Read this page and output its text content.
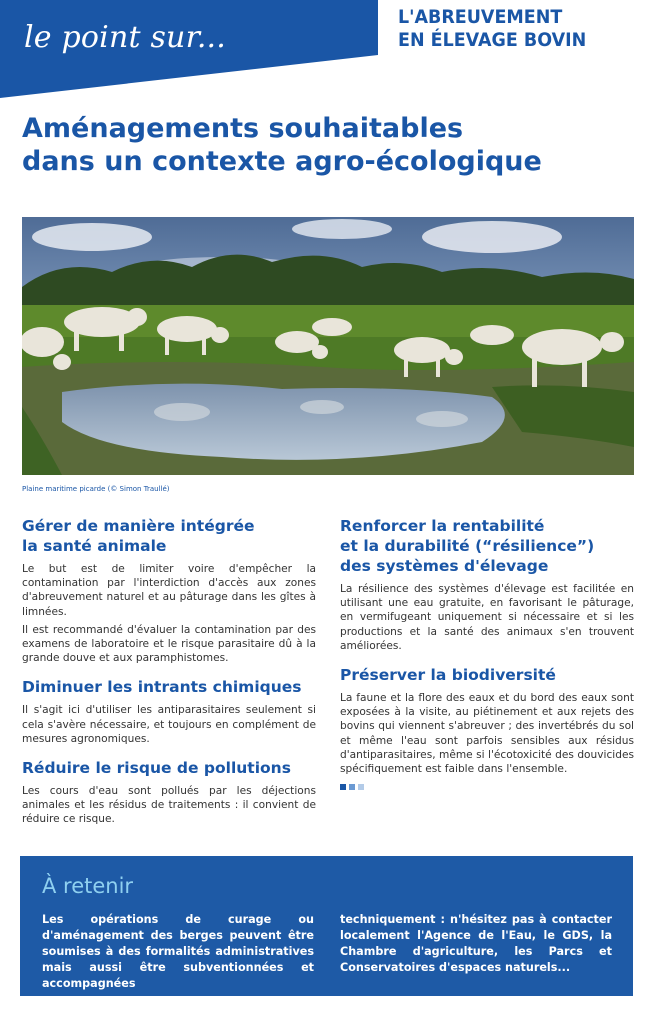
le point sur...
L'ABREUVEMENT
EN ÉLEVAGE BOVIN
Aménagements souhaitables
dans un contexte agro-écologique
Plaine maritime picarde (© Simon Traullé)
Gérer de manière intégrée
la santé animale

Le but est de limiter voire d'empêcher la contamination par l'interdiction d'accès aux zones d'abreuvement naturel et au pâturage dans les gîtes à limnées.

Il est recommandé d'évaluer la contamination par des examens de laboratoire et le risque parasitaire dû à la grande douve et aux paramphistomes.

Diminuer les intrants chimiques

Il s'agit ici d'utiliser les antiparasitaires seulement si cela s'avère nécessaire, et toujours en complément de mesures agronomiques.

Réduire le risque de pollutions

Les cours d'eau sont pollués par les déjections animales et les résidus de traitements : il convient de réduire ce risque.

Renforcer la rentabilité
et la durabilité (“résilience”)
des systèmes d'élevage

La résilience des systèmes d'élevage est facilitée en utilisant une eau gratuite, en favorisant le pâturage, en vermifugeant uniquement si nécessaire et si les productions et la santé des animaux s'en trouvent améliorées.

Préserver la biodiversité

La faune et la flore des eaux et du bord des eaux sont exposées à la visite, au piétinement et aux rejets des bovins qui viennent s'abreuver ; des invertébrés du sol et même l'eau sont parfois sensibles aux résidus d'antiparasitaires, même si l'écotoxicité des douvicides spécifiquement est faible dans l'ensemble.

À retenir
Les opérations de curage ou d'aménagement des berges peuvent être soumises à des formalités administratives mais aussi être subventionnées et accompagnées
techniquement : n'hésitez pas à contacter localement l'Agence de l'Eau, le GDS, la Chambre d'agriculture, les Parcs et Conservatoires d'espaces naturels...
